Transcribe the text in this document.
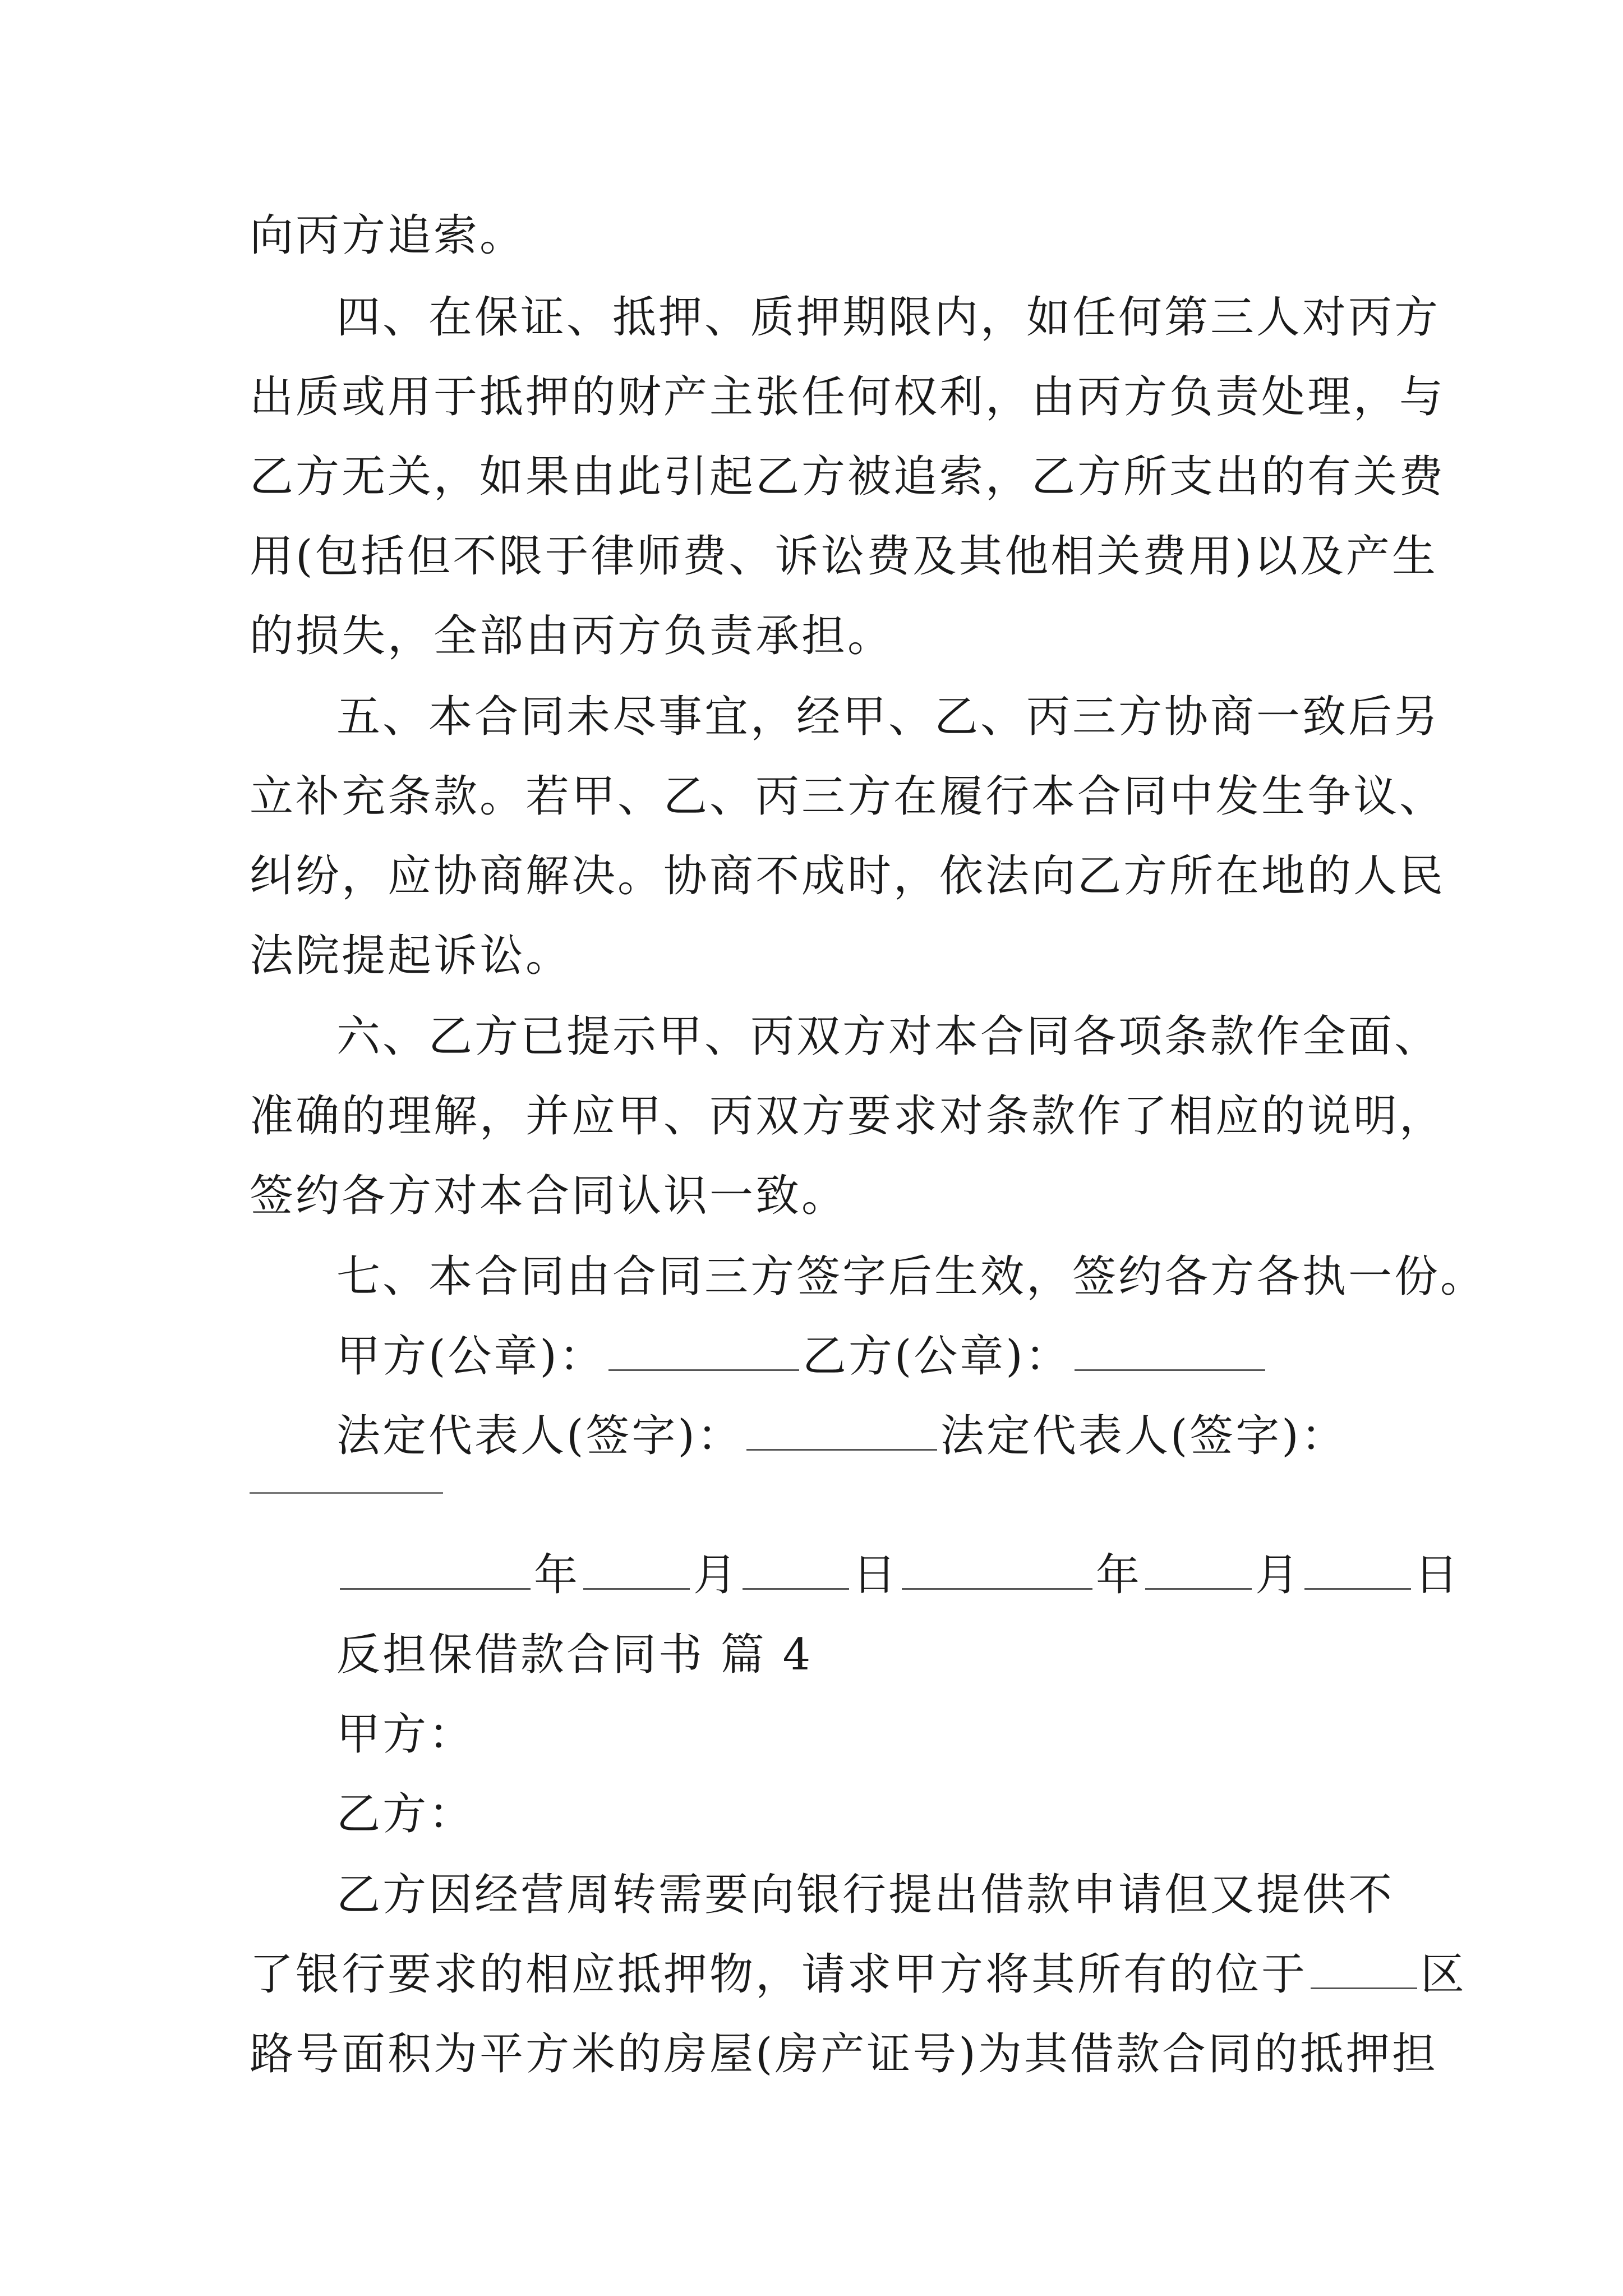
向丙方追索。
四、在保证、抵押、质押期限内，如任何第三人对丙方
出质或用于抵押的财产主张任何权利，由丙方负责处理，与
乙方无关，如果由此引起乙方被追索，乙方所支出的有关费
用(包括但不限于律师费、诉讼费及其他相关费用)以及产生
的损失，全部由丙方负责承担。
五、本合同未尽事宜，经甲、乙、丙三方协商一致后另
立补充条款。若甲、乙、丙三方在履行本合同中发生争议、
纠纷，应协商解决。协商不成时，依法向乙方所在地的人民
法院提起诉讼。
六、乙方已提示甲、丙双方对本合同各项条款作全面、
准确的理解，并应甲、丙双方要求对条款作了相应的说明，
签约各方对本合同认识一致。
七、本合同由合同三方签字后生效，签约各方各执一份。
甲方(公章)：	乙方(公章)：
法定代表人(签字)：	法定代表人(签字)：
年	月	日	年	月	日
反担保借款合同书 篇 4
甲方：
乙方：
乙方因经营周转需要向银行提出借款申请但又提供不
了银行要求的相应抵押物，请求甲方将其所有的位于	区
路号面积为平方米的房屋(房产证号)为其借款合同的抵押担
